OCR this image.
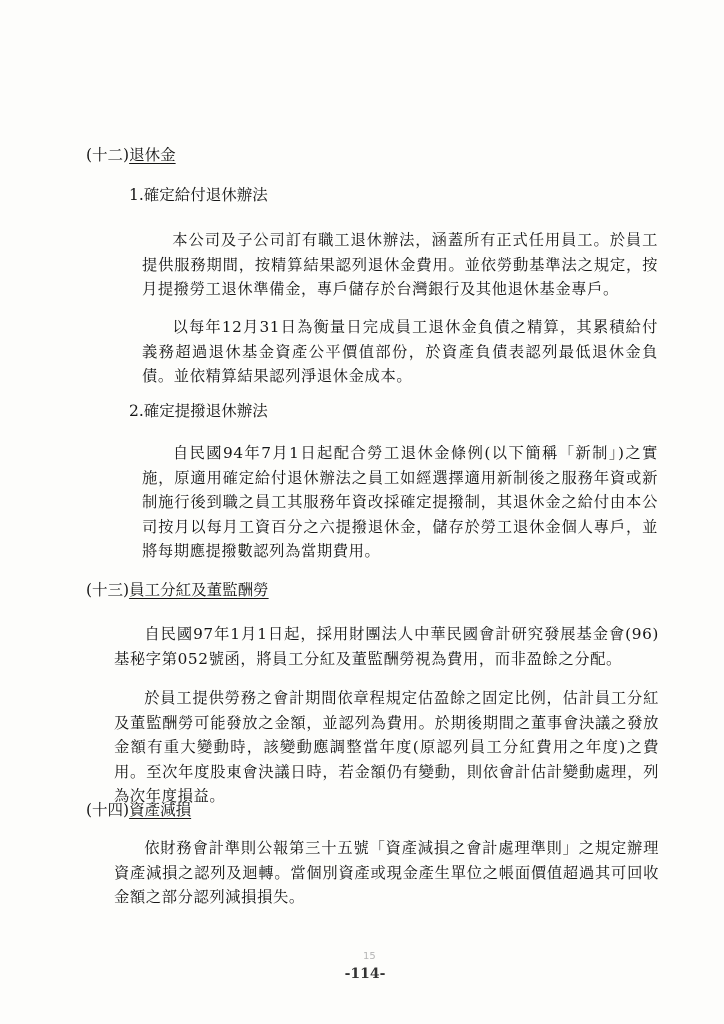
(十二)退休金
1.確定給付退休辦法

本公司及子公司訂有職工退休辦法，涵蓋所有正式任用員工。於員工提供服務期間，按精算結果認列退休金費用。並依勞動基準法之規定，按月提撥勞工退休準備金，專戶儲存於台灣銀行及其他退休基金專戶。

以每年12月31日為衡量日完成員工退休金負債之精算，其累積給付義務超過退休基金資產公平價值部份，於資產負債表認列最低退休金負債。並依精算結果認列淨退休金成本。

2.確定提撥退休辦法

自民國94年7月1日起配合勞工退休金條例(以下簡稱「新制」)之實施，原適用確定給付退休辦法之員工如經選擇適用新制後之服務年資或新制施行後到職之員工其服務年資改採確定提撥制，其退休金之給付由本公司按月以每月工資百分之六提撥退休金，儲存於勞工退休金個人專戶，並將每期應提撥數認列為當期費用。

(十三)員工分紅及董監酬勞

自民國97年1月1日起，採用財團法人中華民國會計研究發展基金會(96)基秘字第052號函，將員工分紅及董監酬勞視為費用，而非盈餘之分配。

於員工提供勞務之會計期間依章程規定估盈餘之固定比例，估計員工分紅及董監酬勞可能發放之金額，並認列為費用。於期後期間之董事會決議之發放金額有重大變動時，該變動應調整當年度(原認列員工分紅費用之年度)之費用。至次年度股東會決議日時，若金額仍有變動，則依會計估計變動處理，列為次年度損益。

(十四)資產減損

依財務會計準則公報第三十五號「資產減損之會計處理準則」之規定辦理資產減損之認列及迴轉。當個別資產或現金產生單位之帳面價值超過其可回收金額之部分認列減損損失。

15
-114-
